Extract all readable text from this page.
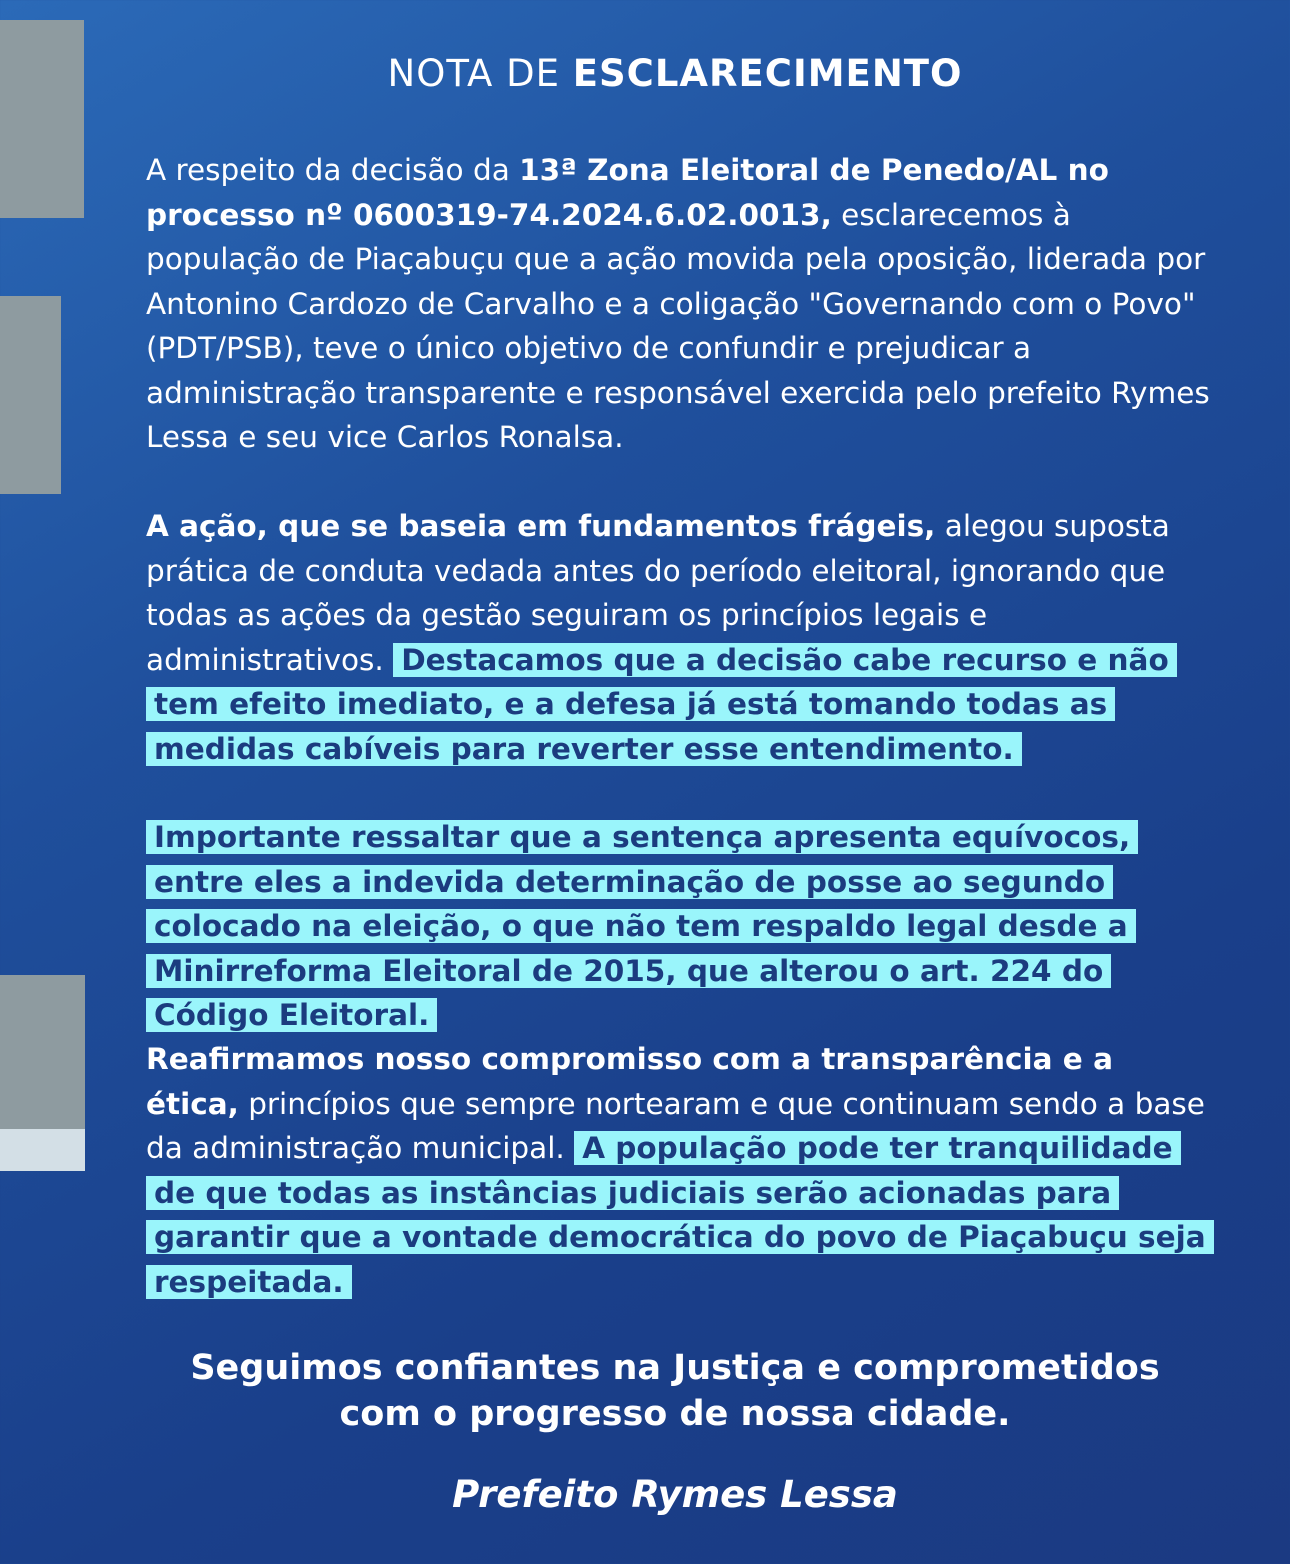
NOTA DE ESCLARECIMENTO

A respeito da decisão da 13ª Zona Eleitoral de Penedo/AL no processo nº 0600319-74.2024.6.02.0013, esclarecemos à população de Piaçabuçu que a ação movida pela oposição, liderada por Antonino Cardozo de Carvalho e a coligação "Governando com o Povo" (PDT/PSB), teve o único objetivo de confundir e prejudicar a administração transparente e responsável exercida pelo prefeito Rymes Lessa e seu vice Carlos Ronalsa.

A ação, que se baseia em fundamentos frágeis, alegou suposta prática de conduta vedada antes do período eleitoral, ignorando que todas as ações da gestão seguiram os princípios legais e administrativos. Destacamos que a decisão cabe recurso e não tem efeito imediato, e a defesa já está tomando todas as medidas cabíveis para reverter esse entendimento.

Importante ressaltar que a sentença apresenta equívocos, entre eles a indevida determinação de posse ao segundo colocado na eleição, o que não tem respaldo legal desde a Minirreforma Eleitoral de 2015, que alterou o art. 224 do Código Eleitoral.

Reafirmamos nosso compromisso com a transparência e a ética, princípios que sempre nortearam e que continuam sendo a base da administração municipal. A população pode ter tranquilidade de que todas as instâncias judiciais serão acionadas para garantir que a vontade democrática do povo de Piaçabuçu seja respeitada.

Seguimos confiantes na Justiça e comprometidos
com o progresso de nossa cidade.
Prefeito Rymes Lessa
